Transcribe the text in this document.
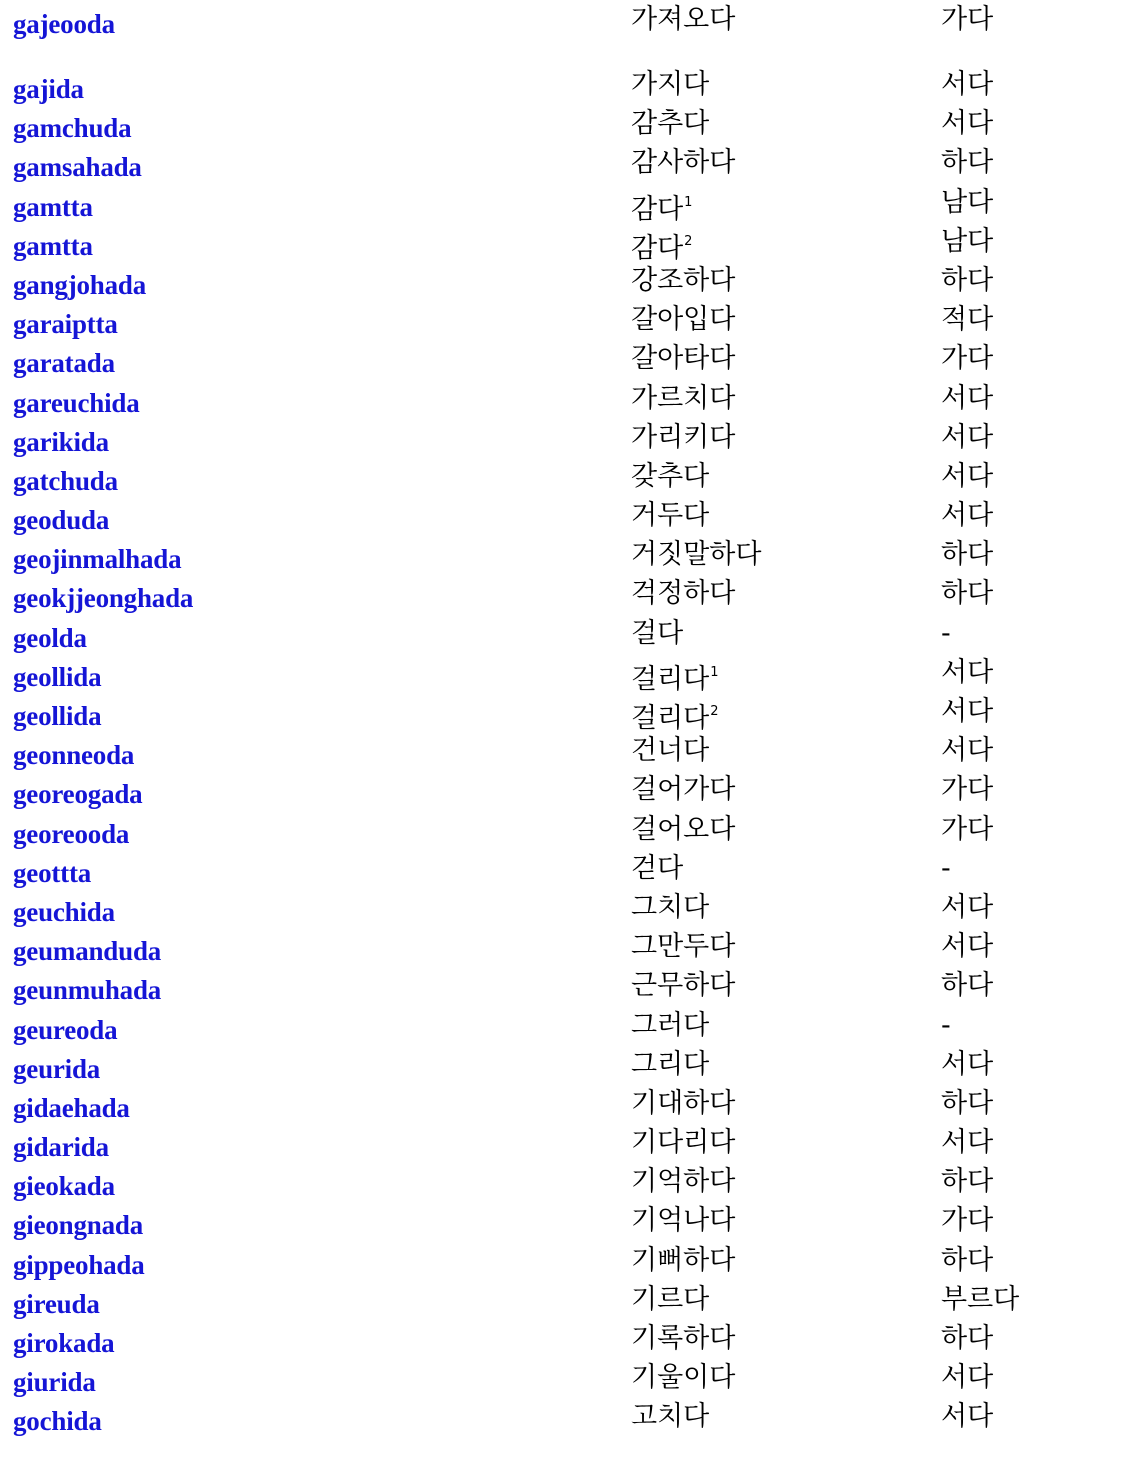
gajeooda	가져오다	가다
gajida	가지다	서다
gamchuda	감추다	서다
gamsahada	감사하다	하다
gamtta	감다$^1$	남다
gamtta	감다$^2$	남다
gangjohada	강조하다	하다
garaiptta	갈아입다	적다
garatada	갈아타다	가다
gareuchida	가르치다	서다
garikida	가리키다	서다
gatchuda	갖추다	서다
geoduda	거두다	서다
geojinmalhada	거짓말하다	하다
geokjjeonghada	걱정하다	하다
geolda	걸다	-
geollida	걸리다$^1$	서다
geollida	걸리다$^2$	서다
geonneoda	건너다	서다
georeogada	걸어가다	가다
georeooda	걸어오다	가다
geottta	걷다	-
geuchida	그치다	서다
geumanduda	그만두다	서다
geunmuhada	근무하다	하다
geureoda	그러다	-
geurida	그리다	서다
gidaehada	기대하다	하다
gidarida	기다리다	서다
gieokada	기억하다	하다
gieongnada	기억나다	가다
gippeohada	기뻐하다	하다
gireuda	기르다	부르다
girokada	기록하다	하다
giurida	기울이다	서다
gochida	고치다	서다
